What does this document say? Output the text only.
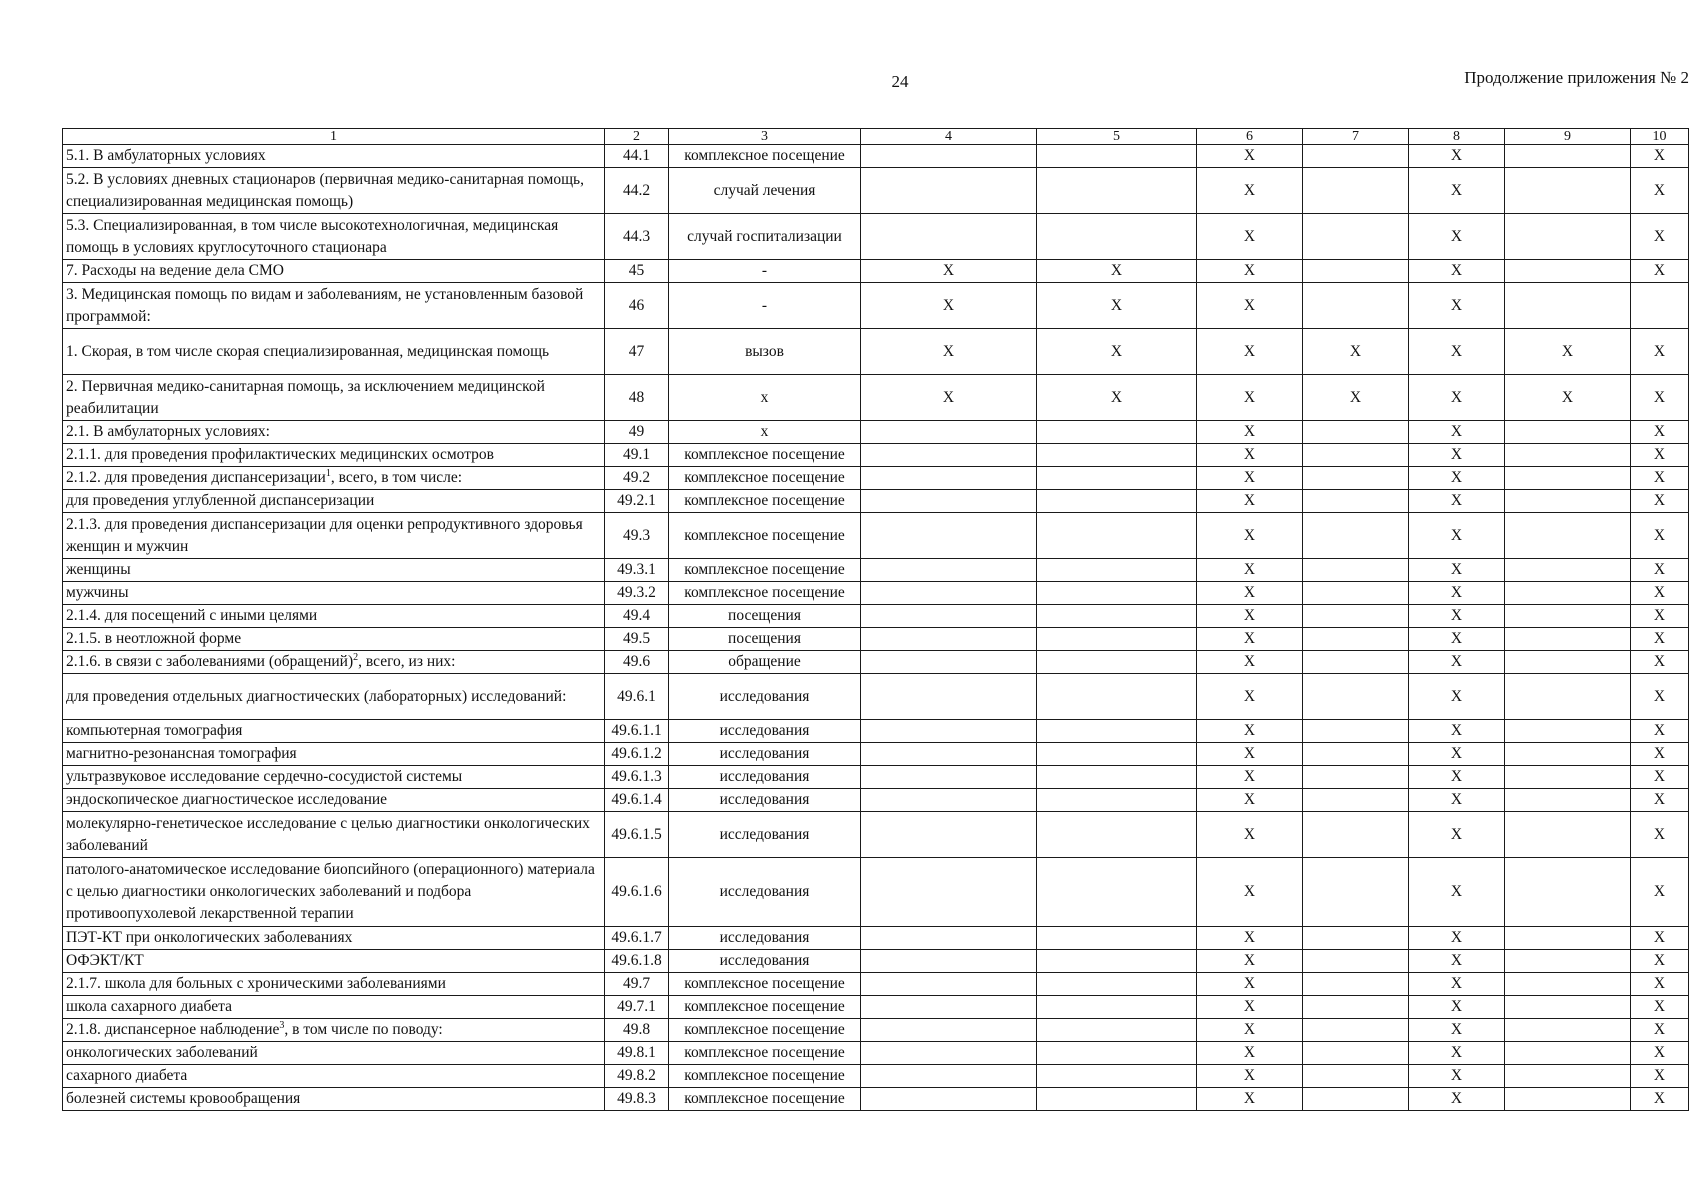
24	Продолжение приложения № 2
1	2	3	4	5	6	7	8	9	10
5.1. В амбулаторных условиях	44.1	комплексное посещение			Х		Х		Х
5.2. В условиях дневных стационаров (первичная медико-санитарная помощь, специализированная медицинская помощь)	44.2	случай лечения			Х		Х		Х
5.3. Специализированная, в том числе высокотехнологичная, медицинская помощь в условиях круглосуточного стационара	44.3	случай госпитализации			Х		Х		Х
7. Расходы на ведение дела СМО	45	-	Х	Х	Х		Х		Х
3. Медицинская помощь по видам и заболеваниям, не установленным базовой программой:	46	-	Х	Х	Х		Х		
1. Скорая, в том числе скорая специализированная, медицинская помощь	47	вызов	Х	Х	Х	Х	Х	Х	Х
2. Первичная медико-санитарная помощь, за исключением медицинской реабилитации	48	х	Х	Х	Х	Х	Х	Х	Х
2.1. В амбулаторных условиях:	49	х			Х		Х		Х
2.1.1. для проведения профилактических медицинских осмотров	49.1	комплексное посещение			Х		Х		Х
2.1.2. для проведения диспансеризации$^1$, всего, в том числе:	49.2	комплексное посещение			Х		Х		Х
для проведения углубленной диспансеризации	49.2.1	комплексное посещение			Х		Х		Х
2.1.3. для проведения диспансеризации для оценки репродуктивного здоровья женщин и мужчин	49.3	комплексное посещение			Х		Х		Х
женщины	49.3.1	комплексное посещение			Х		Х		Х
мужчины	49.3.2	комплексное посещение			Х		Х		Х
2.1.4. для посещений с иными целями	49.4	посещения			Х		Х		Х
2.1.5. в неотложной форме	49.5	посещения			Х		Х		Х
2.1.6. в связи с заболеваниями (обращений)$^2$, всего, из них:	49.6	обращение			Х		Х		Х
для проведения отдельных диагностических (лабораторных) исследований:	49.6.1	исследования			Х		Х		Х
компьютерная томография	49.6.1.1	исследования			Х		Х		Х
магнитно-резонансная томография	49.6.1.2	исследования			Х		Х		Х
ультразвуковое исследование сердечно-сосудистой системы	49.6.1.3	исследования			Х		Х		Х
эндоскопическое диагностическое исследование	49.6.1.4	исследования			Х		Х		Х
молекулярно-генетическое исследование с целью диагностики онкологических заболеваний	49.6.1.5	исследования			Х		Х		Х
патолого-анатомическое исследование биопсийного (операционного) материала с целью диагностики онкологических заболеваний и подбора противоопухолевой лекарственной терапии	49.6.1.6	исследования			Х		Х		Х
ПЭТ-КТ при онкологических заболеваниях	49.6.1.7	исследования			Х		Х		Х
ОФЭКТ/КТ	49.6.1.8	исследования			Х		Х		Х
2.1.7. школа для больных с хроническими заболеваниями	49.7	комплексное посещение			Х		Х		Х
школа сахарного диабета	49.7.1	комплексное посещение			Х		Х		Х
2.1.8. диспансерное наблюдение$^3$, в том числе по поводу:	49.8	комплексное посещение			Х		Х		Х
онкологических заболеваний	49.8.1	комплексное посещение			Х		Х		Х
сахарного диабета	49.8.2	комплексное посещение			Х		Х		Х
болезней системы кровообращения	49.8.3	комплексное посещение			Х		Х		Х
